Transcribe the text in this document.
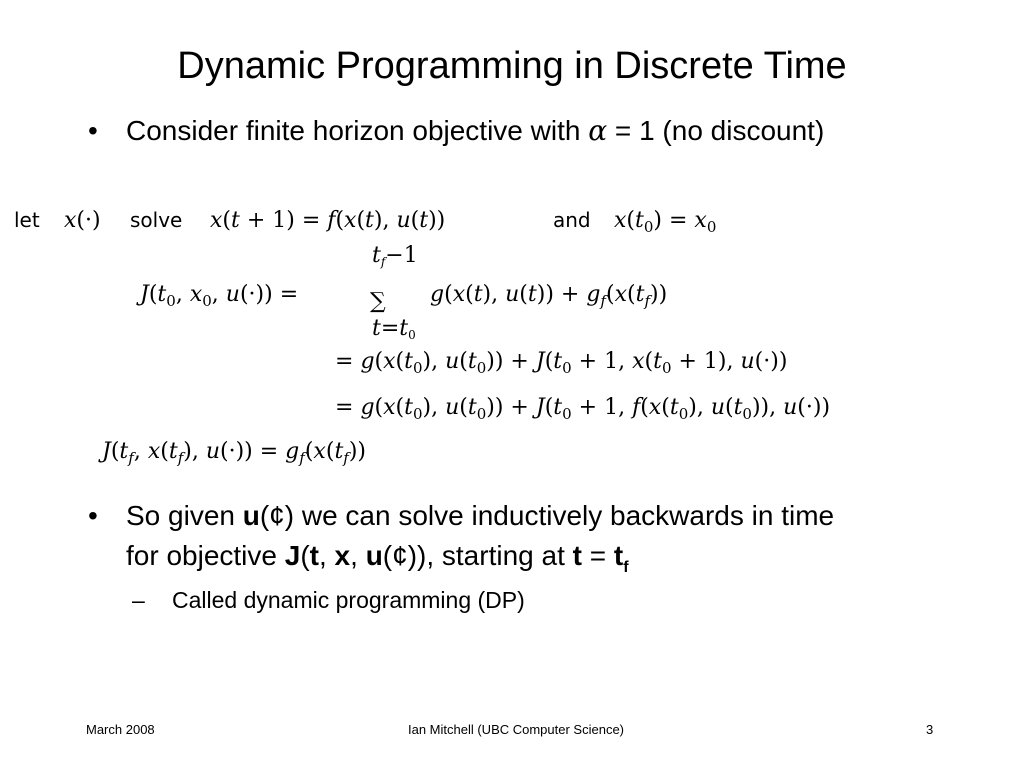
Dynamic Programming in Discrete Time
• Consider finite horizon objective with α = 1 (no discount)
let x(·) solve x(t + 1) = f(x(t), u(t))	and $x(t_0) = x_0$
tf−1
$J(t_0$, $x_0$, u(·)) =	∑
t=t0
g(x(t), $u(t)) + g_f(x(t_f))$
= $g(x(t_0)$, $u(t_0)) + J(t_0 + 1$, $x(t_0 + 1)$, u(·))
= $g(x(t_0)$, $u(t_0)) + J(t_0 + 1$, $f(x(t_0)$, $u(t_0)$), u(·))
$J(t_f$, $x(t_f)$, $u(\cdot)) = g_f(x(t_f))$
• So given u(¢) we can solve inductively backwards in time for objective J(t, x, u(¢)), starting at $t = t_f$
– Called dynamic programming (DP)
March 2008	Ian Mitchell (UBC Computer Science)	3
